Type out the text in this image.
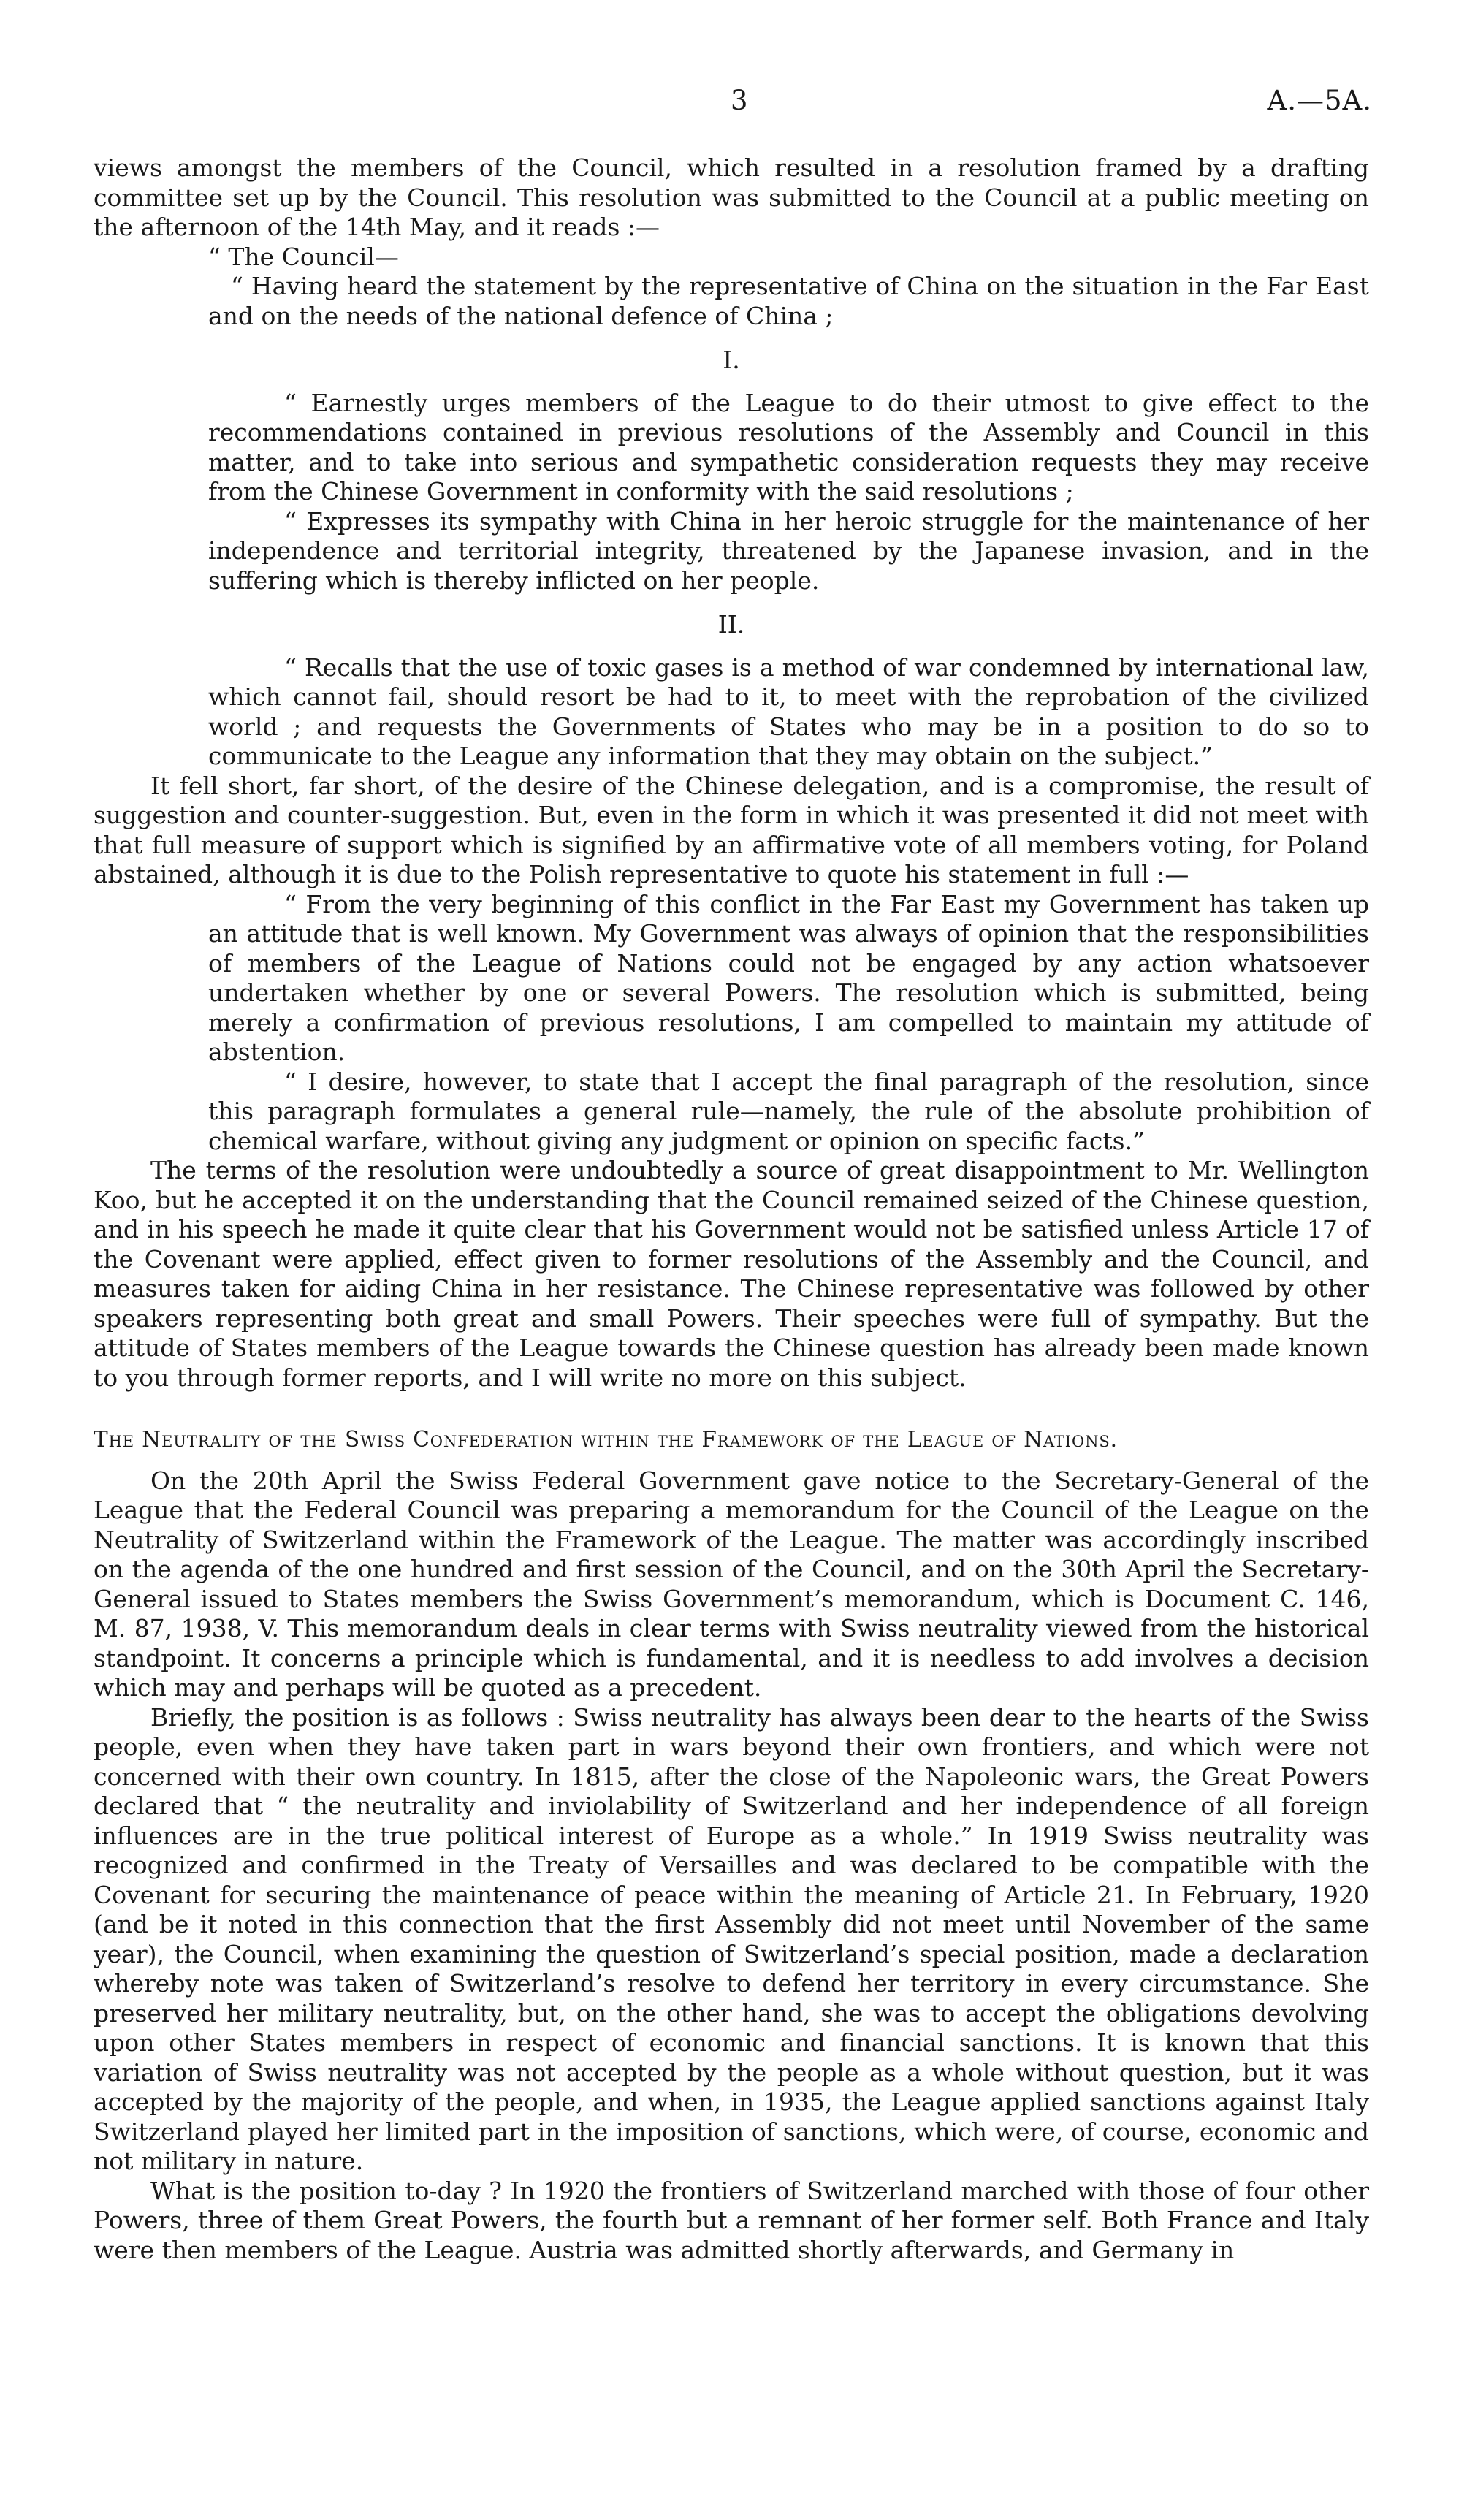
3	A.—5A.

views amongst the members of the Council, which resulted in a resolution framed by a drafting committee set up by the Council. This resolution was submitted to the Council at a public meeting on the afternoon of the 14th May, and it reads :—

“ The Council—

“ Having heard the statement by the representative of China on the situation in the Far East and on the needs of the national defence of China ;

I.

“ Earnestly urges members of the League to do their utmost to give effect to the recommendations contained in previous resolutions of the Assembly and Council in this matter, and to take into serious and sympathetic consideration requests they may receive from the Chinese Government in conformity with the said resolutions ;

“ Expresses its sympathy with China in her heroic struggle for the maintenance of her independence and territorial integrity, threatened by the Japanese invasion, and in the suffering which is thereby inflicted on her people.

II.

“ Recalls that the use of toxic gases is a method of war condemned by international law, which cannot fail, should resort be had to it, to meet with the reprobation of the civilized world ; and requests the Governments of States who may be in a position to do so to communicate to the League any information that they may obtain on the subject.”

It fell short, far short, of the desire of the Chinese delegation, and is a compromise, the result of suggestion and counter-suggestion. But, even in the form in which it was presented it did not meet with that full measure of support which is signified by an affirmative vote of all members voting, for Poland abstained, although it is due to the Polish representative to quote his statement in full :—

“ From the very beginning of this conflict in the Far East my Government has taken up an attitude that is well known. My Government was always of opinion that the responsibilities of members of the League of Nations could not be engaged by any action whatsoever undertaken whether by one or several Powers. The resolution which is submitted, being merely a confirmation of previous resolutions, I am compelled to maintain my attitude of abstention.

“ I desire, however, to state that I accept the final paragraph of the resolution, since this paragraph formulates a general rule—namely, the rule of the absolute prohibition of chemical warfare, without giving any judgment or opinion on specific facts.”

The terms of the resolution were undoubtedly a source of great disappointment to Mr. Wellington Koo, but he accepted it on the understanding that the Council remained seized of the Chinese question, and in his speech he made it quite clear that his Government would not be satisfied unless Article 17 of the Covenant were applied, effect given to former resolutions of the Assembly and the Council, and measures taken for aiding China in her resistance. The Chinese representative was followed by other speakers representing both great and small Powers. Their speeches were full of sympathy. But the attitude of States members of the League towards the Chinese question has already been made known to you through former reports, and I will write no more on this subject.

The Neutrality of the Swiss Confederation within the Framework of the League of Nations.

On the 20th April the Swiss Federal Government gave notice to the Secretary-General of the League that the Federal Council was preparing a memorandum for the Council of the League on the Neutrality of Switzerland within the Framework of the League. The matter was accordingly inscribed on the agenda of the one hundred and first session of the Council, and on the 30th April the Secretary-General issued to States members the Swiss Government’s memorandum, which is Document C. 146, M. 87, 1938, V. This memorandum deals in clear terms with Swiss neutrality viewed from the historical standpoint. It concerns a principle which is fundamental, and it is needless to add involves a decision which may and perhaps will be quoted as a precedent.

Briefly, the position is as follows : Swiss neutrality has always been dear to the hearts of the Swiss people, even when they have taken part in wars beyond their own frontiers, and which were not concerned with their own country. In 1815, after the close of the Napoleonic wars, the Great Powers declared that “ the neutrality and inviolability of Switzerland and her independence of all foreign influences are in the true political interest of Europe as a whole.” In 1919 Swiss neutrality was recognized and confirmed in the Treaty of Versailles and was declared to be compatible with the Covenant for securing the maintenance of peace within the meaning of Article 21. In February, 1920 (and be it noted in this connection that the first Assembly did not meet until November of the same year), the Council, when examining the question of Switzerland’s special position, made a declaration whereby note was taken of Switzerland’s resolve to defend her territory in every circumstance. She preserved her military neutrality, but, on the other hand, she was to accept the obligations devolving upon other States members in respect of economic and financial sanctions. It is known that this variation of Swiss neutrality was not accepted by the people as a whole without question, but it was accepted by the majority of the people, and when, in 1935, the League applied sanctions against Italy Switzerland played her limited part in the imposition of sanctions, which were, of course, economic and not military in nature.

What is the position to-day ? In 1920 the frontiers of Switzerland marched with those of four other Powers, three of them Great Powers, the fourth but a remnant of her former self. Both France and Italy were then members of the League. Austria was admitted shortly afterwards, and Germany in
